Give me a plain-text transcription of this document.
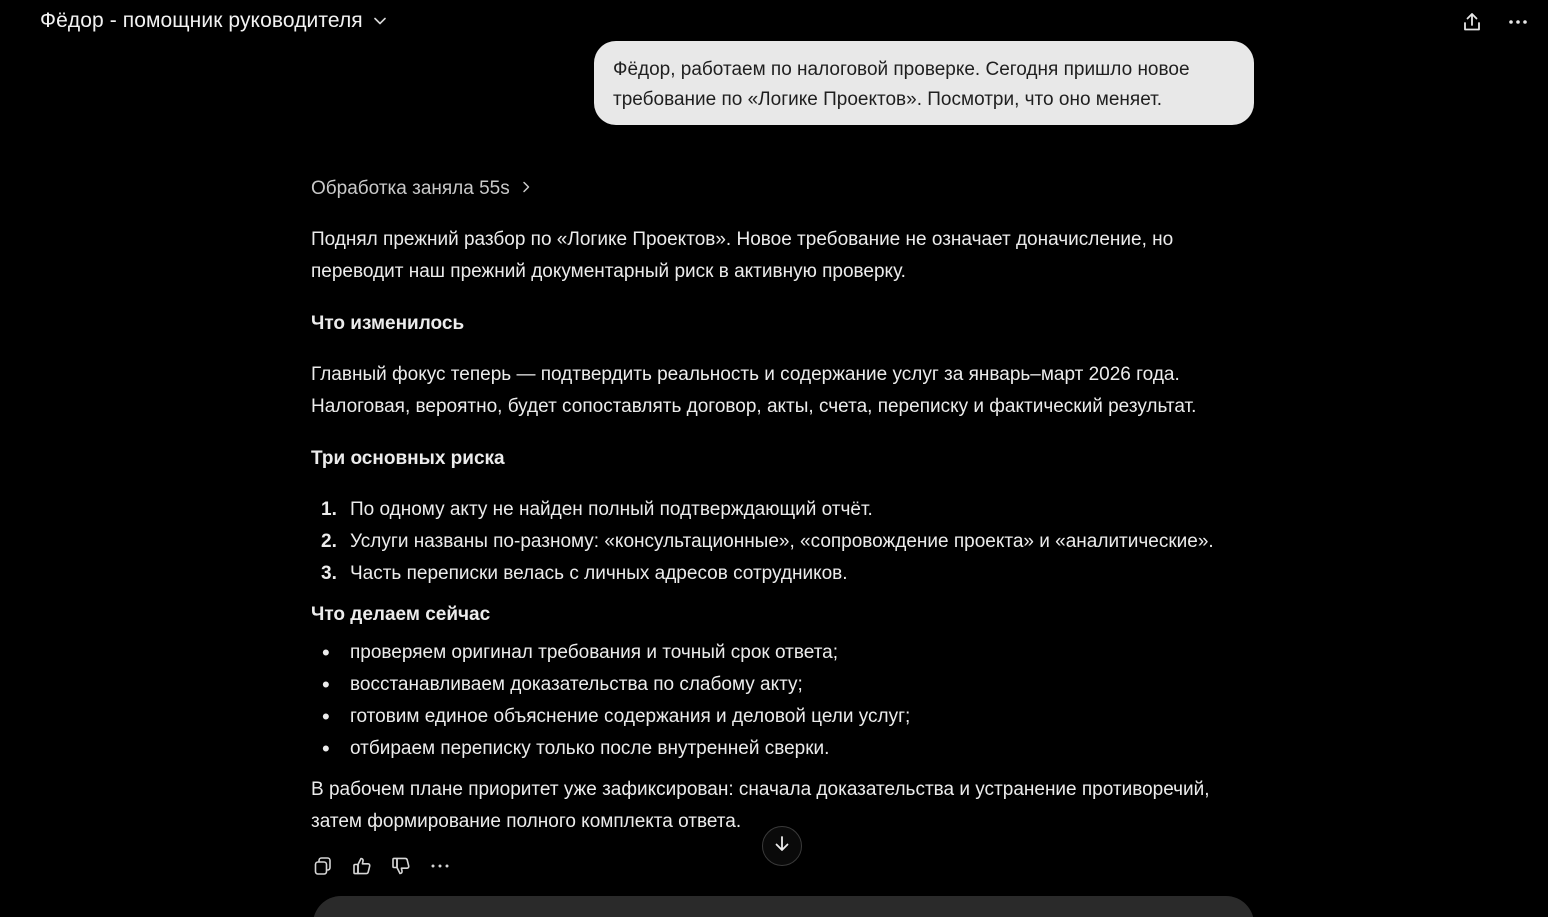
Фёдор - помощник руководителя
Фёдор, работаем по налоговой проверке. Сегодня пришло новое требование по «Логике Проектов». Посмотри, что оно меняет.
Обработка заняла 55s

Поднял прежний разбор по «Логике Проектов». Новое требование не означает доначисление, но переводит наш прежний документарный риск в активную проверку.

Что изменилось

Главный фокус теперь — подтвердить реальность и содержание услуг за январь–март 2026 года. Налоговая, вероятно, будет сопоставлять договор, акты, счета, переписку и фактический результат.

Три основных риска
1. По одному акту не найден полный подтверждающий отчёт.
2. Услуги названы по-разному: «консультационные», «сопровождение проекта» и «аналитические».
3. Часть переписки велась с личных адресов сотрудников.
Что делаем сейчас
•	проверяем оригинал требования и точный срок ответа;
•	восстанавливаем доказательства по слабому акту;
•	готовим единое объяснение содержания и деловой цели услуг;
•	отбираем переписку только после внутренней сверки.

В рабочем плане приоритет уже зафиксирован: сначала доказательства и устранение противоречий, затем формирование полного комплекта ответа.
